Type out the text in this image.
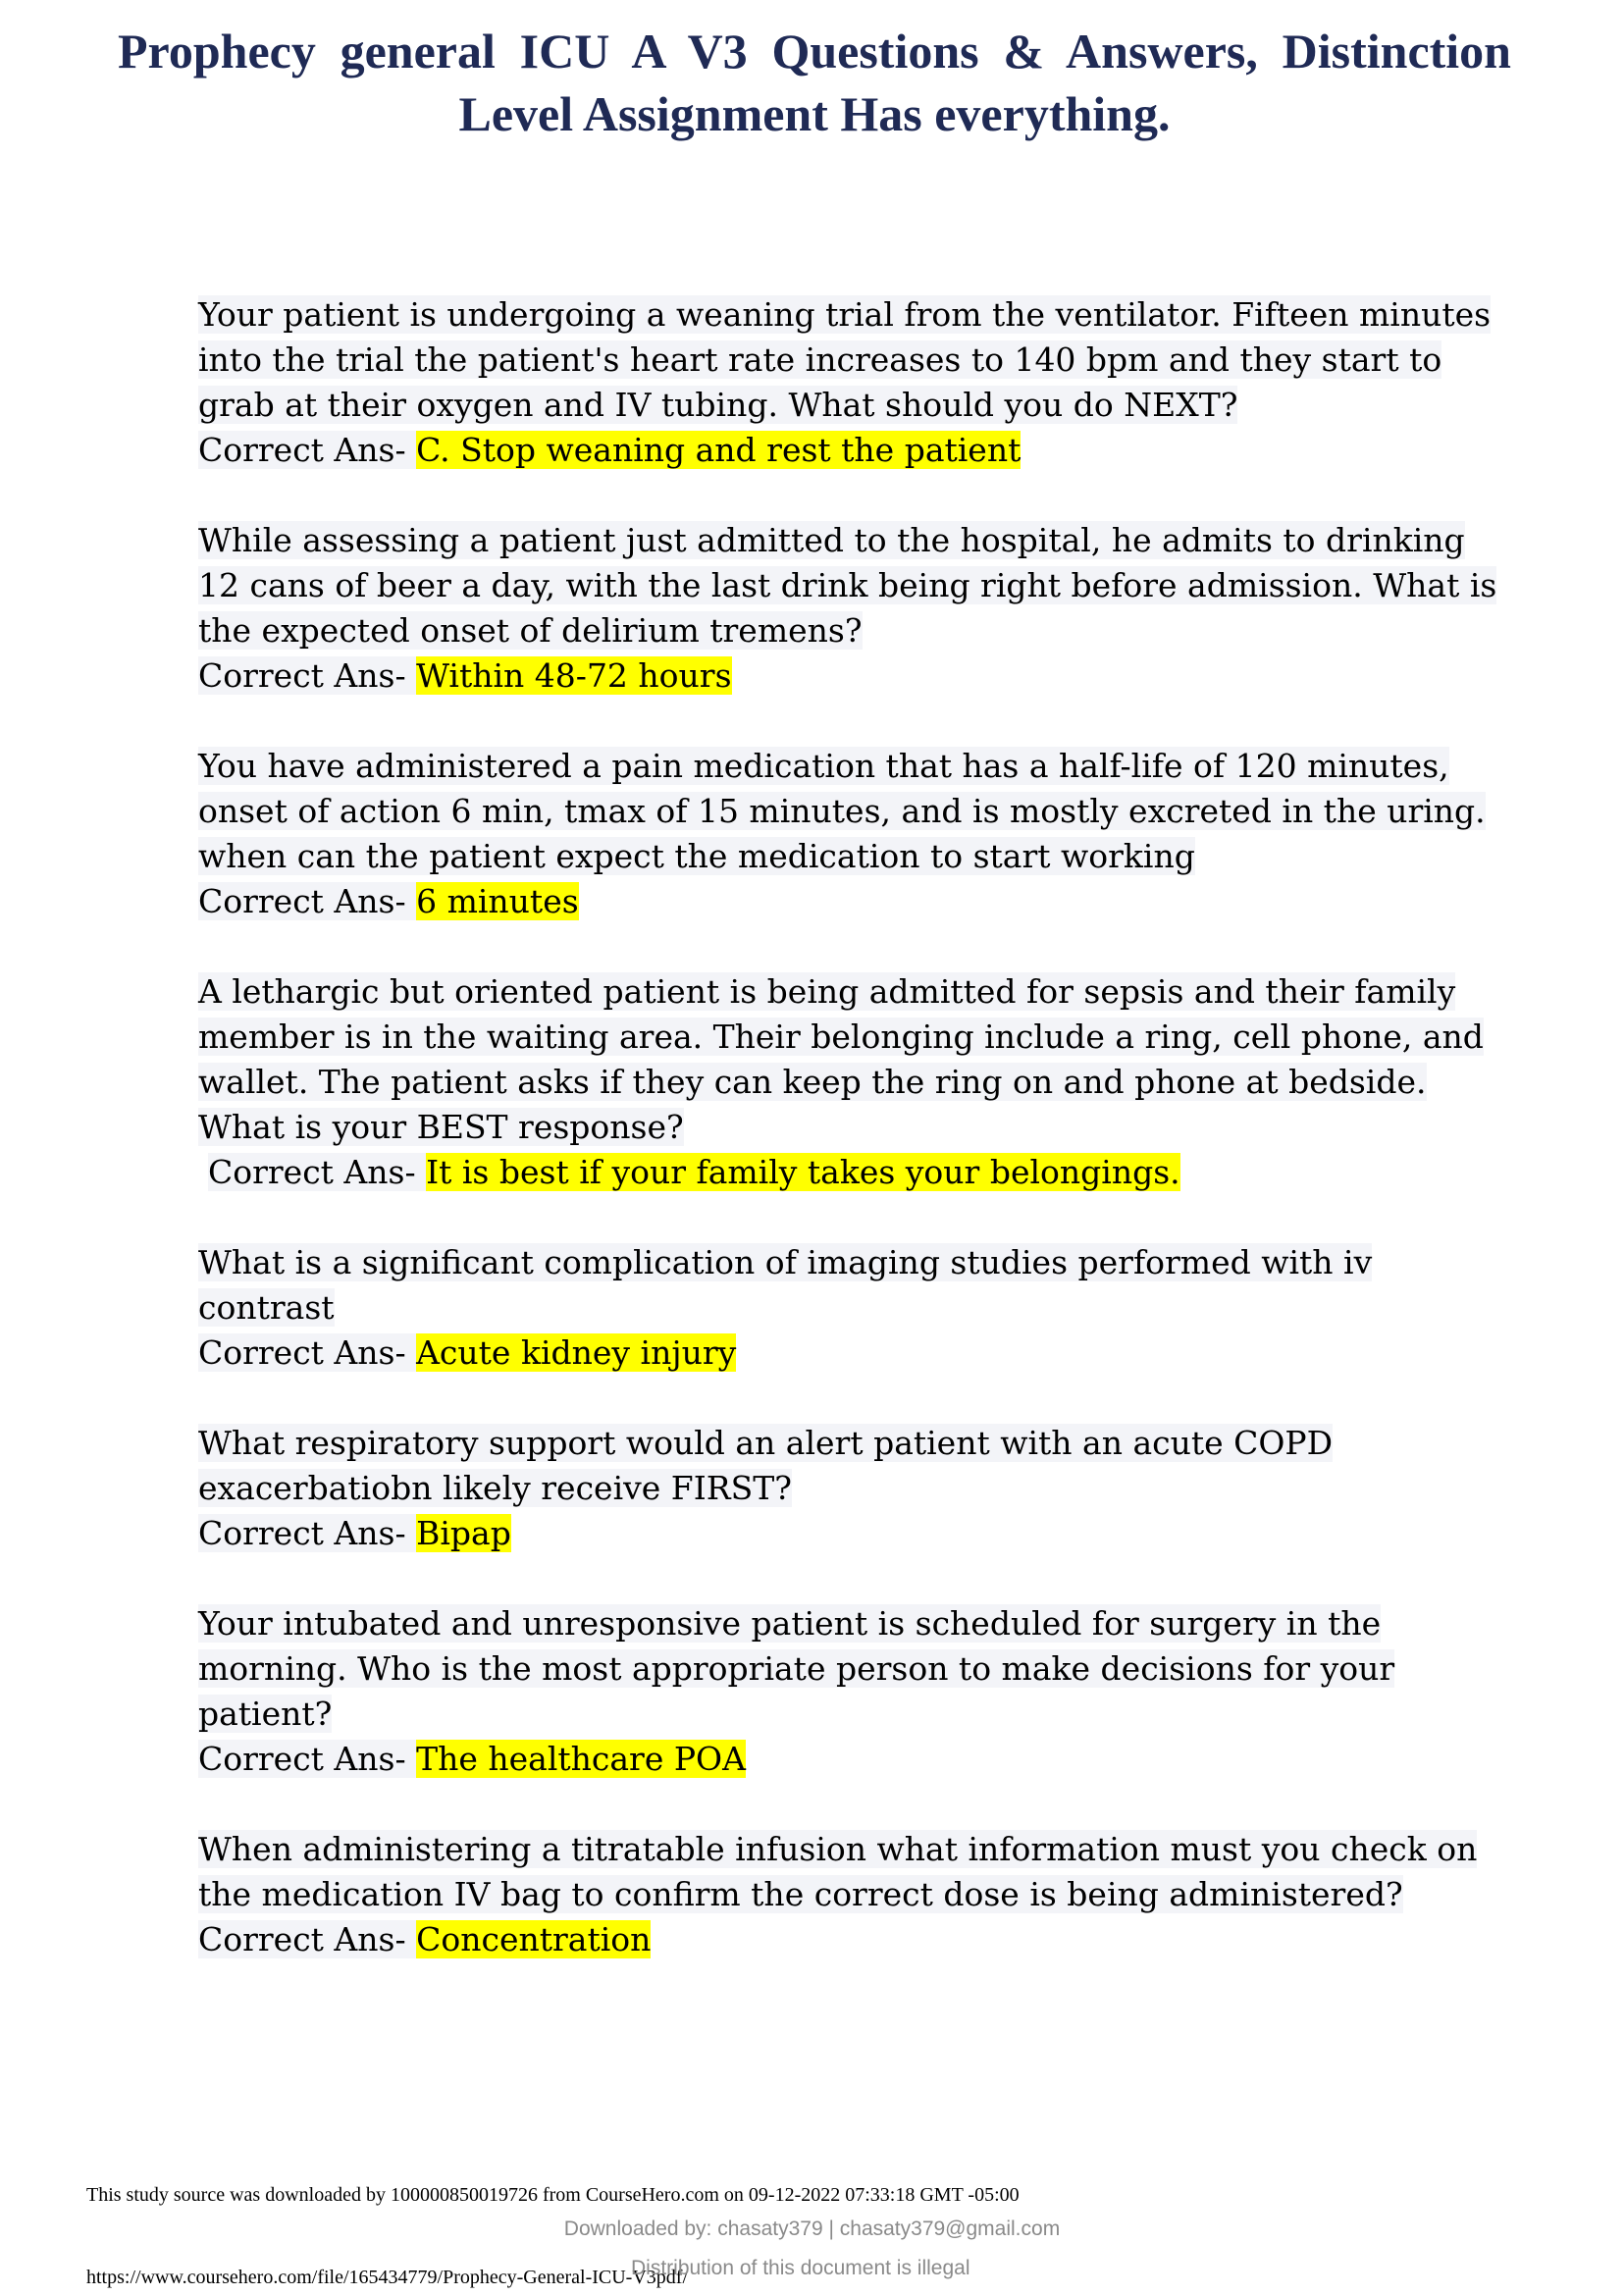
Prophecy general ICU A V3 Questions & Answers, Distinction
Level Assignment Has everything.
Your patient is undergoing a weaning trial from the ventilator. Fifteen minutes
into the trial the patient's heart rate increases to 140 bpm and they start to
grab at their oxygen and IV tubing. What should you do NEXT?
Correct Ans- C. Stop weaning and rest the patient
While assessing a patient just admitted to the hospital, he admits to drinking
12 cans of beer a day, with the last drink being right before admission. What is
the expected onset of delirium tremens?
Correct Ans- Within 48-72 hours
You have administered a pain medication that has a half-life of 120 minutes,
onset of action 6 min, tmax of 15 minutes, and is mostly excreted in the uring.
when can the patient expect the medication to start working
Correct Ans- 6 minutes
A lethargic but oriented patient is being admitted for sepsis and their family
member is in the waiting area. Their belonging include a ring, cell phone, and
wallet. The patient asks if they can keep the ring on and phone at bedside.
What is your BEST response?
Correct Ans- It is best if your family takes your belongings.
What is a significant complication of imaging studies performed with iv
contrast
Correct Ans- Acute kidney injury
What respiratory support would an alert patient with an acute COPD
exacerbatiobn likely receive FIRST?
Correct Ans- Bipap
Your intubated and unresponsive patient is scheduled for surgery in the
morning. Who is the most appropriate person to make decisions for your
patient?
Correct Ans- The healthcare POA
When administering a titratable infusion what information must you check on
the medication IV bag to confirm the correct dose is being administered?
Correct Ans- Concentration
This study source was downloaded by 100000850019726 from CourseHero.com on 09-12-2022 07:33:18 GMT -05:00
Downloaded by: chasaty379 | chasaty379@gmail.com
https://www.coursehero.com/file/165434779/Prophecy-General-ICU-V3pdf/
Distribution of this document is illegal
